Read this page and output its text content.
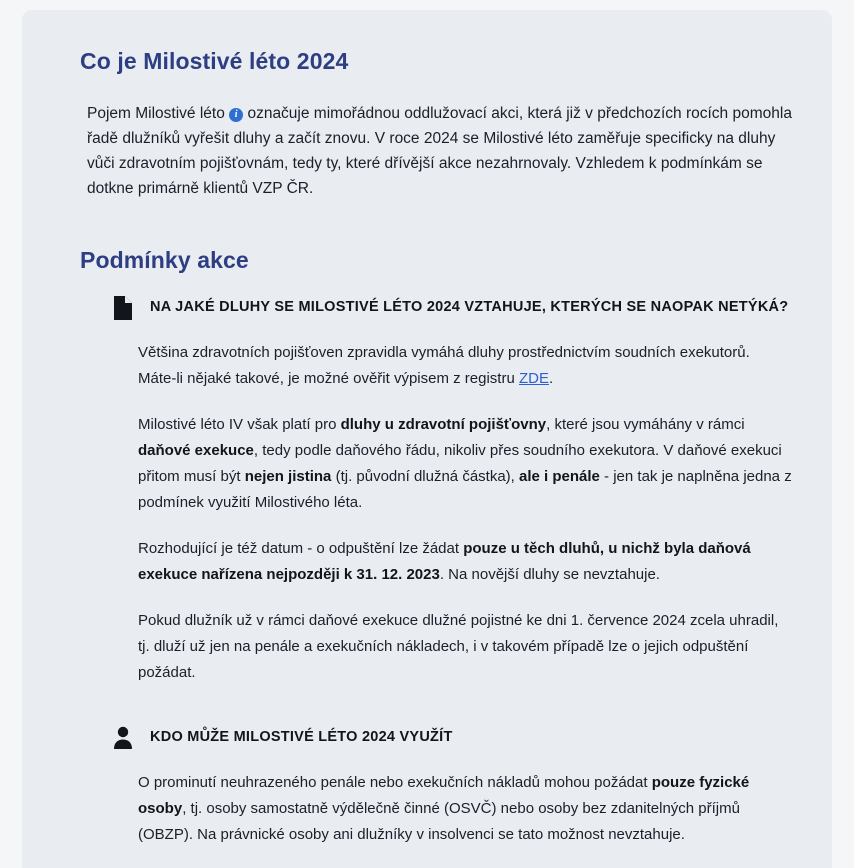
Co je Milostivé léto 2024

Pojem Milostivé léto i označuje mimořádnou oddlužovací akci, která již v předchozích rocích pomohla řadě dlužníků vyřešit dluhy a začít znovu. V roce 2024 se Milostivé léto zaměřuje specificky na dluhy vůči zdravotním pojišťovnám, tedy ty, které dřívější akce nezahrnovaly. Vzhledem k podmínkám se dotkne primárně klientů VZP ČR.

Podmínky akce
NA JAKÉ DLUHY SE MILOSTIVÉ LÉTO 2024 VZTAHUJE, KTERÝCH SE NAOPAK NETÝKÁ?

Většina zdravotních pojišťoven zpravidla vymáhá dluhy prostřednictvím soudních exekutorů. Máte-li nějaké takové, je možné ověřit výpisem z registru ZDE.

Milostivé léto IV však platí pro dluhy u zdravotní pojišťovny, které jsou vymáhány v rámci daňové exekuce, tedy podle daňového řádu, nikoliv přes soudního exekutora. V daňové exekuci přitom musí být nejen jistina (tj. původní dlužná částka), ale i penále - jen tak je naplněna jedna z podmínek využití Milostivého léta.

Rozhodující je též datum - o odpuštění lze žádat pouze u těch dluhů, u nichž byla daňová exekuce nařízena nejpozději k 31. 12. 2023. Na novější dluhy se nevztahuje.

Pokud dlužník už v rámci daňové exekuce dlužné pojistné ke dni 1. července 2024 zcela uhradil, tj. dluží už jen na penále a exekučních nákladech, i v takovém případě lze o jejich odpuštění požádat.

KDO MŮŽE MILOSTIVÉ LÉTO 2024 VYUŽÍT

O prominutí neuhrazeného penále nebo exekučních nákladů mohou požádat pouze fyzické osoby, tj. osoby samostatně výdělečně činné (OSVČ) nebo osoby bez zdanitelných příjmů (OBZP). Na právnické osoby ani dlužníky v insolvenci se tato možnost nevztahuje.
